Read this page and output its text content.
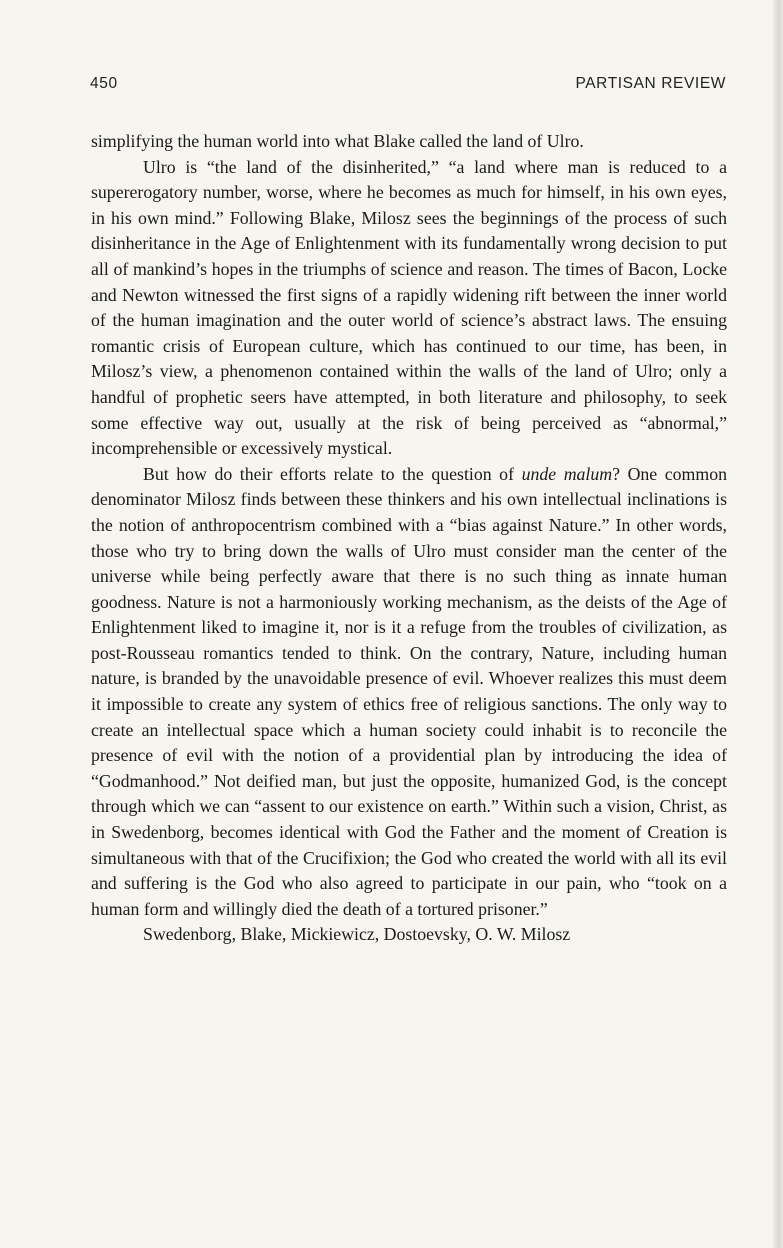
450	PARTISAN REVIEW

simplifying the human world into what Blake called the land of Ulro.

Ulro is “the land of the disinherited,” “a land where man is reduced to a supererogatory number, worse, where he becomes as much for himself, in his own eyes, in his own mind.” Following Blake, Milosz sees the beginnings of the process of such disinheritance in the Age of Enlightenment with its fundamentally wrong decision to put all of mankind’s hopes in the triumphs of science and reason. The times of Bacon, Locke and Newton witnessed the first signs of a rapidly widening rift between the inner world of the human imagination and the outer world of science’s abstract laws. The ensuing romantic crisis of European culture, which has continued to our time, has been, in Milosz’s view, a phenomenon contained within the walls of the land of Ulro; only a handful of prophetic seers have attempted, in both literature and philosophy, to seek some effective way out, usually at the risk of being perceived as “abnormal,” incomprehensible or excessively mystical.

But how do their efforts relate to the question of unde malum? One common denominator Milosz finds between these thinkers and his own intellectual inclinations is the notion of anthropocentrism combined with a “bias against Nature.” In other words, those who try to bring down the walls of Ulro must consider man the center of the universe while being perfectly aware that there is no such thing as innate human goodness. Nature is not a harmoniously working mechanism, as the deists of the Age of Enlightenment liked to imagine it, nor is it a refuge from the troubles of civilization, as post-Rousseau romantics tended to think. On the contrary, Nature, including human nature, is branded by the unavoidable presence of evil. Whoever realizes this must deem it impossible to create any system of ethics free of religious sanctions. The only way to create an intellectual space which a human society could inhabit is to reconcile the presence of evil with the notion of a providential plan by introducing the idea of “Godmanhood.” Not deified man, but just the opposite, humanized God, is the concept through which we can “assent to our existence on earth.” Within such a vision, Christ, as in Swedenborg, becomes identical with God the Father and the moment of Creation is simultaneous with that of the Crucifixion; the God who created the world with all its evil and suffering is the God who also agreed to participate in our pain, who “took on a human form and willingly died the death of a tortured prisoner.”

Swedenborg, Blake, Mickiewicz, Dostoevsky, O. W. Milosz
